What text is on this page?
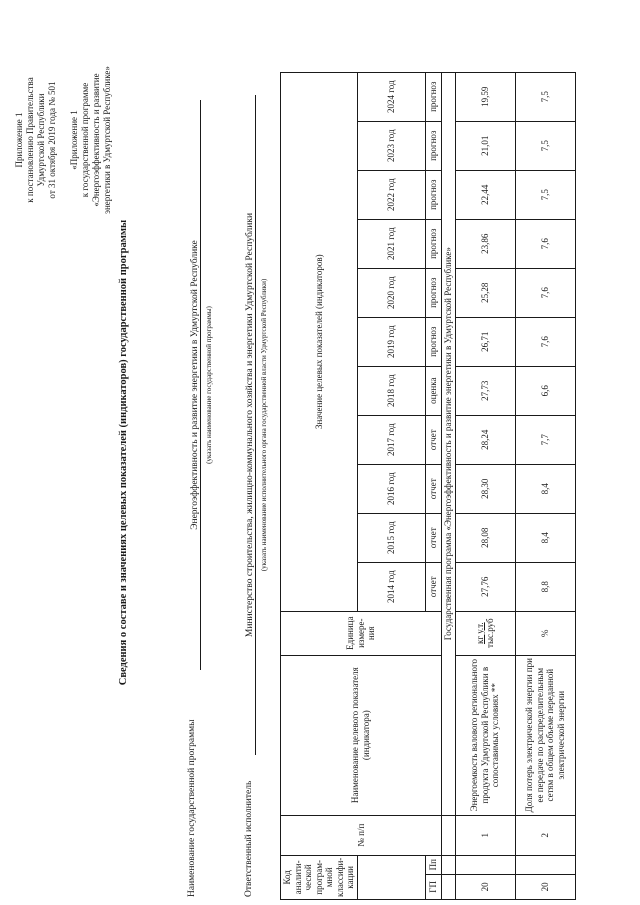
Приложение 1 к постановлению Правительства Удмуртской Республики от 31 октября 2019 года № 501 «Приложение 1 к государственной программе «Энергоэффективность и развитие энергетики в Удмуртской Республике»
Сведения о составе и значениях целевых показателей (индикаторов) государственной программы
Наименование государственной программы
Энергоэффективность и развитие энергетики в Удмуртской Республике (указать наименование государственной программы)
Ответственный исполнитель
Министерство строительства, жилищно-коммунального хозяйства и энергетики Удмуртской Республики (указать наименование исполнительного органа государственной власти Удмуртской Республики)
Код аналити-ческой програм-мной классифи-кации		№ п/п	Наименование целевого показателя (индикатора)	Единица измере-ния	Значение целевых показателей (индикаторов)										
					2014 год	2015 год	2016 год	2017 год	2018 год	2019 год	2020 год	2021 год	2022 год	2023 год	2024 год
ГП	Пп				отчет	отчет	отчет	отчет	оценка	прогноз	прогноз	прогноз	прогноз	прогноз	прогноз
			Государственная программа «Энергоэффективность и развитие энергетики в Удмуртской Республике»												
20		1	Энергоемкость валового регионального продукта Удмуртской Республики в сопоставимых условиях **	кг у.т. тыс.руб	27,76	28,08	28,30	28,24	27,73	26,71	25,28	23,86	22,44	21,01	19,59
20		2	Доля потерь электрической энергии при ее передаче по распределительным сетям в общем объеме переданной электрической энергии	%	8,8	8,4	8,4	7,7	6,6	7,6	7,6	7,6	7,5	7,5	7,5
